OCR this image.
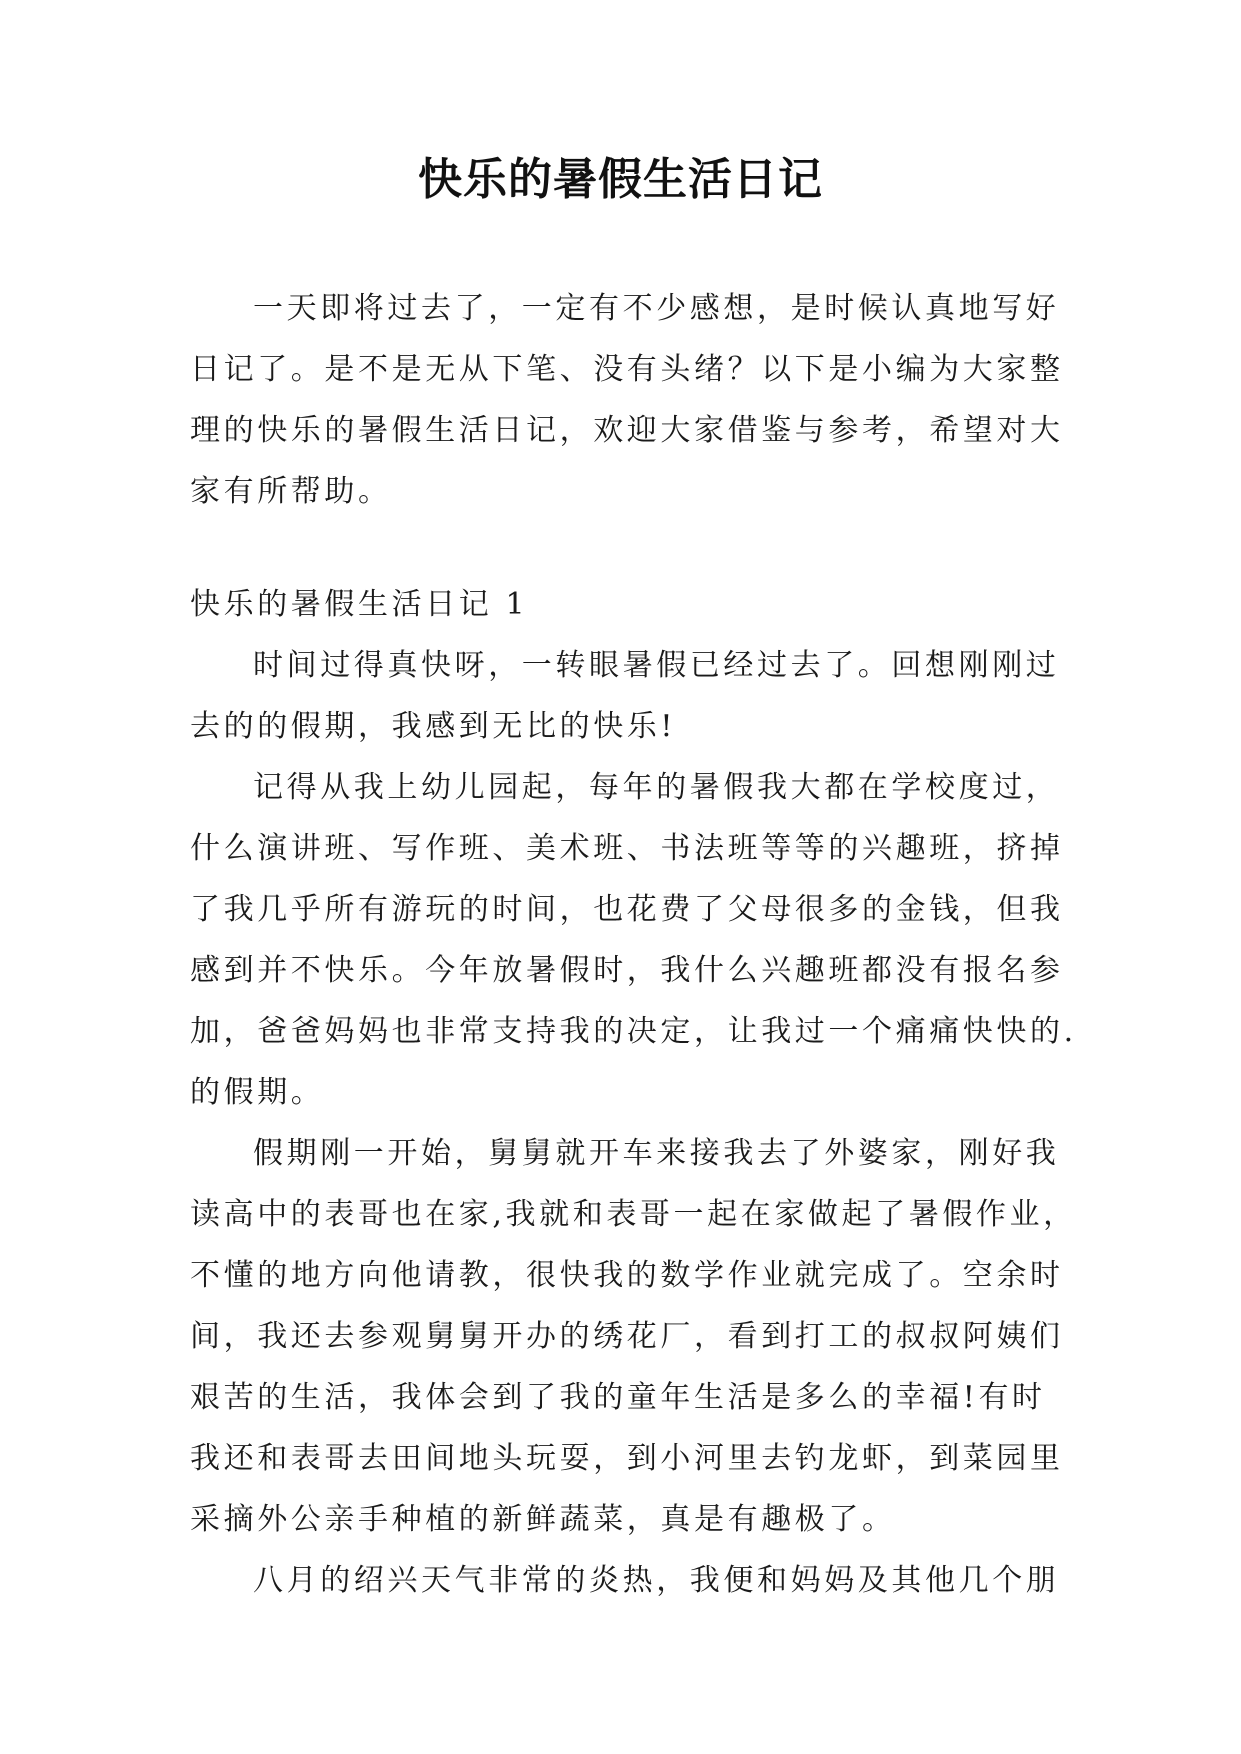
快乐的暑假生活日记
一天即将过去了，一定有不少感想，是时候认真地写好
日记了。是不是无从下笔、没有头绪？以下是小编为大家整
理的快乐的暑假生活日记，欢迎大家借鉴与参考，希望对大
家有所帮助。
快乐的暑假生活日记 1
时间过得真快呀，一转眼暑假已经过去了。回想刚刚过
去的的假期，我感到无比的快乐!
记得从我上幼儿园起，每年的暑假我大都在学校度过，
什么演讲班、写作班、美术班、书法班等等的兴趣班，挤掉
了我几乎所有游玩的时间，也花费了父母很多的金钱，但我
感到并不快乐。今年放暑假时，我什么兴趣班都没有报名参
加，爸爸妈妈也非常支持我的决定，让我过一个痛痛快快的.
的假期。
假期刚一开始，舅舅就开车来接我去了外婆家，刚好我
读高中的表哥也在家,我就和表哥一起在家做起了暑假作业，
不懂的地方向他请教，很快我的数学作业就完成了。空余时
间，我还去参观舅舅开办的绣花厂，看到打工的叔叔阿姨们
艰苦的生活，我体会到了我的童年生活是多么的幸福!有时
我还和表哥去田间地头玩耍，到小河里去钓龙虾，到菜园里
采摘外公亲手种植的新鲜蔬菜，真是有趣极了。
八月的绍兴天气非常的炎热，我便和妈妈及其他几个朋
